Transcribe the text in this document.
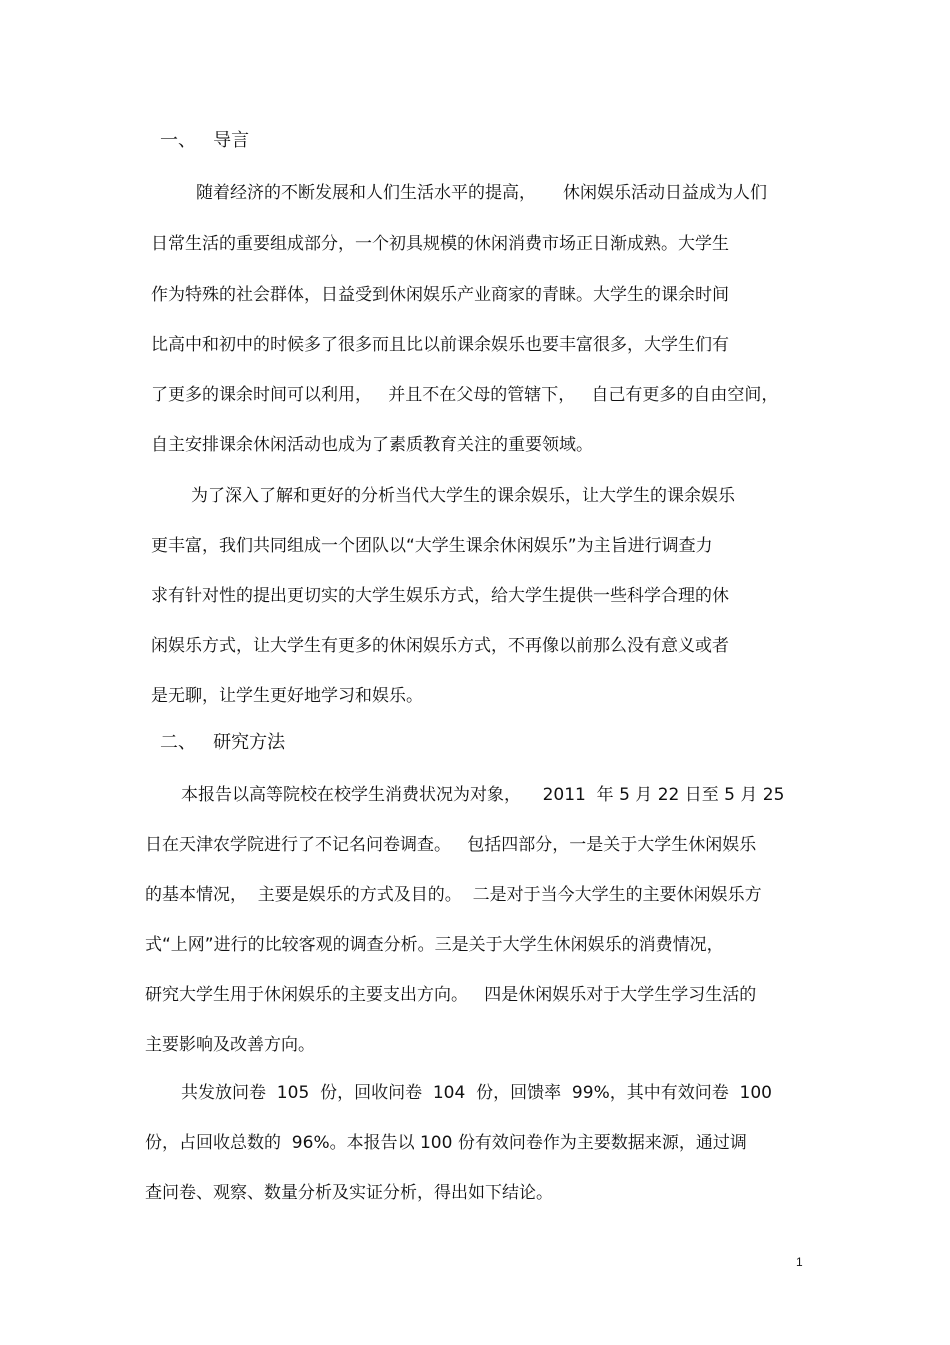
一、   导言
随着经济的不断发展和人们生活水平的提高，     休闲娱乐活动日益成为人们
日常生活的重要组成部分，一个初具规模的休闲消费市场正日渐成熟。大学生
作为特殊的社会群体，日益受到休闲娱乐产业商家的青睐。大学生的课余时间
比高中和初中的时候多了很多而且比以前课余娱乐也要丰富很多，大学生们有
了更多的课余时间可以利用，   并且不在父母的管辖下，   自己有更多的自由空间，
自主安排课余休闲活动也成为了素质教育关注的重要领域。
为了深入了解和更好的分析当代大学生的课余娱乐，让大学生的课余娱乐
更丰富，我们共同组成一个团队以“大学生课余休闲娱乐”为主旨进行调查力
求有针对性的提出更切实的大学生娱乐方式，给大学生提供一些科学合理的休
闲娱乐方式，让大学生有更多的休闲娱乐方式，不再像以前那么没有意义或者
是无聊，让学生更好地学习和娱乐。
二、   研究方法
本报告以高等院校在校学生消费状况为对象，    2011  年 5 月 22 日至 5 月 25
日在天津农学院进行了不记名问卷调查。   包括四部分，一是关于大学生休闲娱乐
的基本情况，  主要是娱乐的方式及目的。  二是对于当今大学生的主要休闲娱乐方
式“上网”进行的比较客观的调查分析。三是关于大学生休闲娱乐的消费情况，
研究大学生用于休闲娱乐的主要支出方向。   四是休闲娱乐对于大学生学习生活的
主要影响及改善方向。
共发放问卷  105  份，回收问卷  104  份，回馈率  99%，其中有效问卷  100
份，占回收总数的  96%。本报告以 100 份有效问卷作为主要数据来源，通过调
查问卷、观察、数量分析及实证分析，得出如下结论。
1
